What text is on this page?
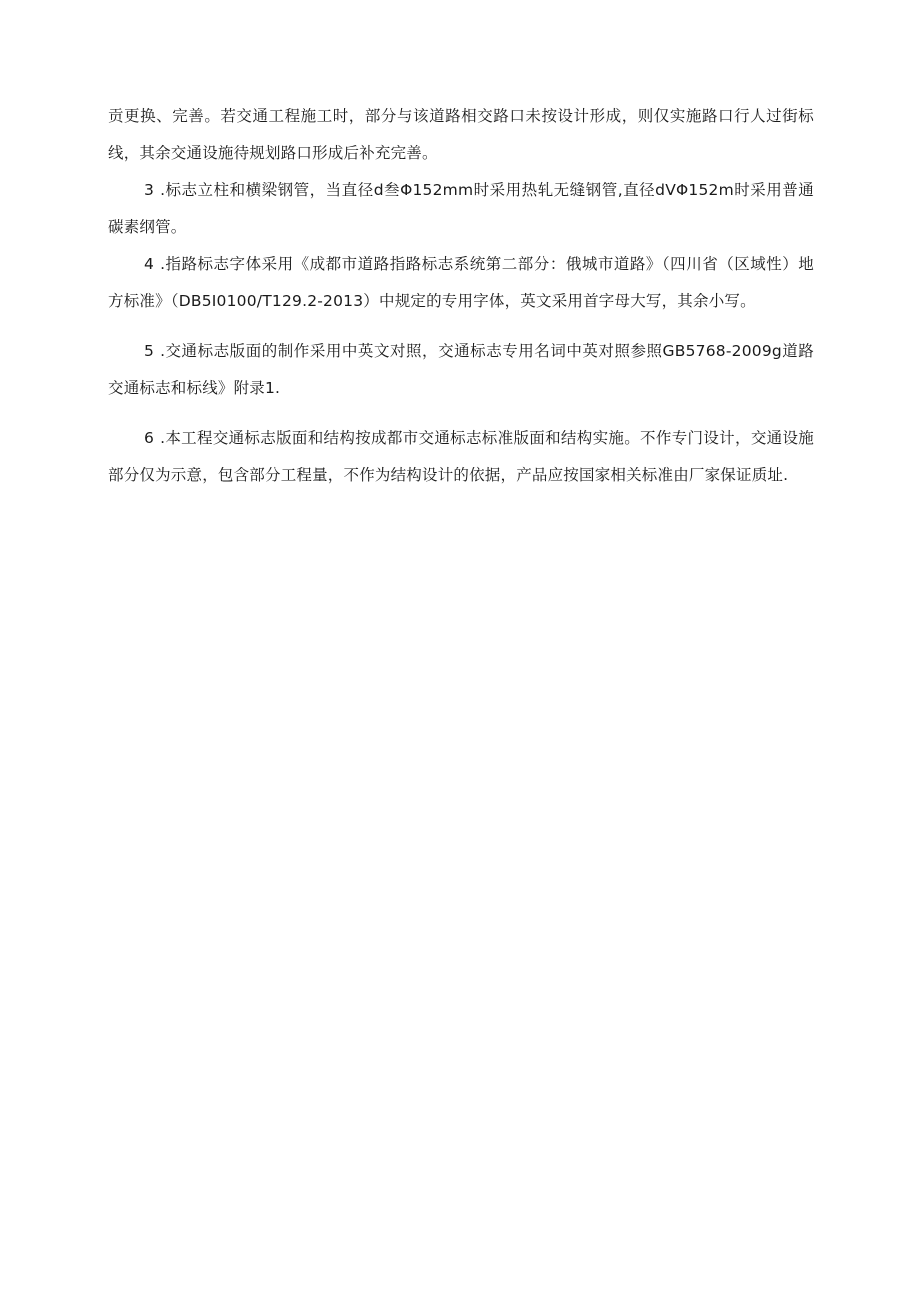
贡更换、完善。若交通工程施工时，部分与该道路相交路口未按设计形成，则仅实施路口行人过街标线，其余交通设施待规划路口形成后补充完善。

3 .标志立柱和横梁钢管，当直径d叁Φ152mm时采用热轧无缝钢管,直径dVΦ152m时采用普通碳素纲管。

4 .指路标志字体采用《成都市道路指路标志系统第二部分：俄城市道路》（四川省（区域性）地方标准》（DB5I0100/T129.2-2013）中规定的专用字体，英文采用首字母大写，其余小写。

5 .交通标志版面的制作采用中英文对照，交通标志专用名词中英对照参照GB5768-2009g道路交通标志和标线》附录1.

6 .本工程交通标志版面和结构按成都市交通标志标准版面和结构实施。不作专门设计，交通设施部分仅为示意，包含部分工程量，不作为结构设计的依据，产品应按国家相关标准由厂家保证质址.
